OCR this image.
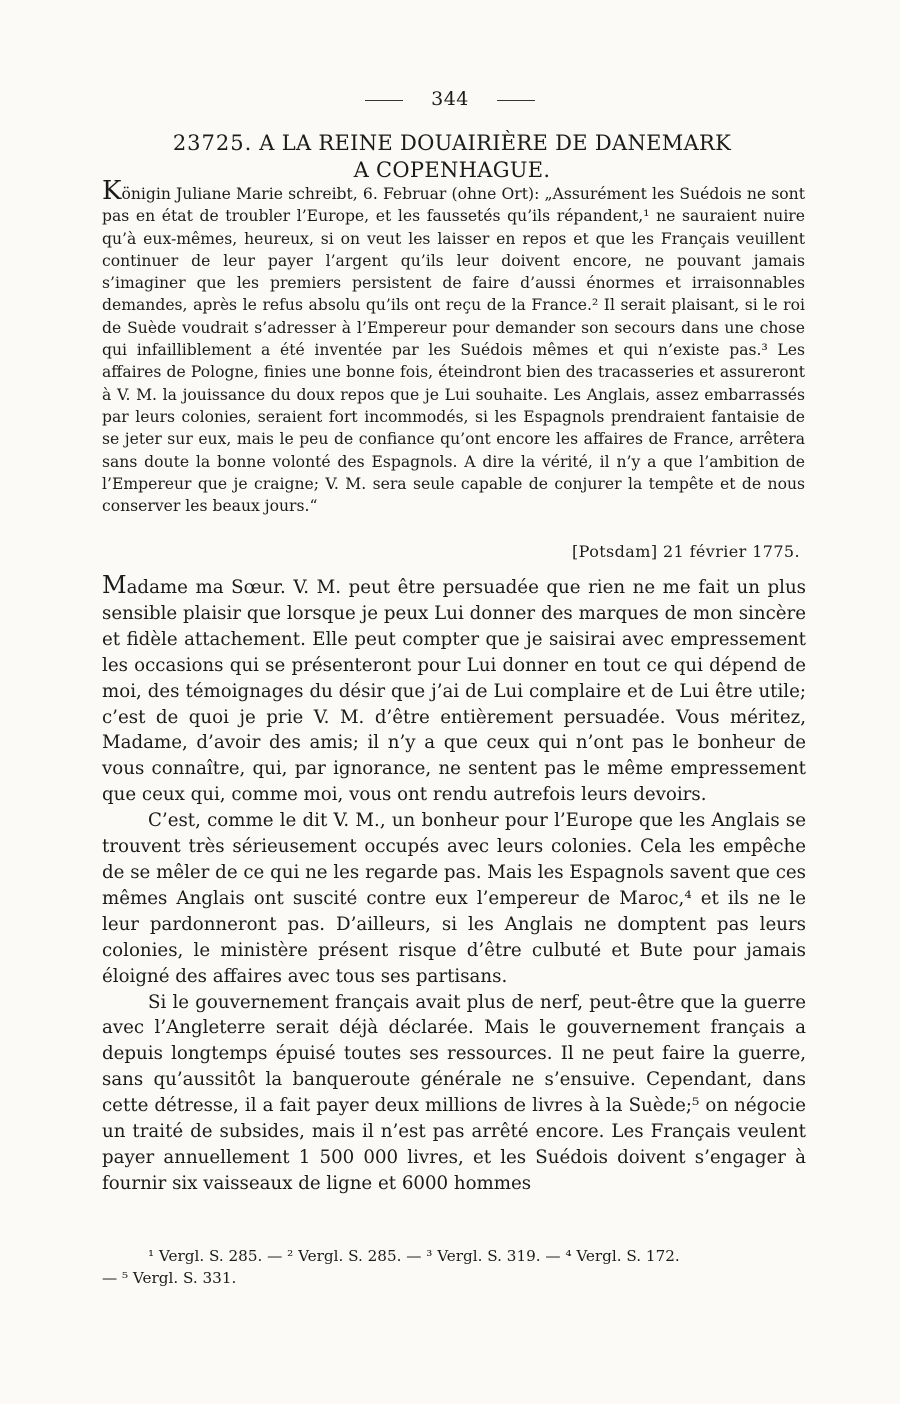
344
23725. A LA REINE DOUAIRIÈRE DE DANEMARK
A COPENHAGUE.
Königin Juliane Marie schreibt, 6. Februar (ohne Ort): „Assurément les Suédois ne sont pas en état de troubler l’Europe, et les faussetés qu’ils répandent,¹ ne sauraient nuire qu’à eux-mêmes, heureux, si on veut les laisser en repos et que les Français veuillent continuer de leur payer l’argent qu’ils leur doivent encore, ne pouvant jamais s’imaginer que les premiers persistent de faire d’aussi énormes et irraisonnables demandes, après le refus absolu qu’ils ont reçu de la France.² Il serait plaisant, si le roi de Suède voudrait s’adresser à l’Empereur pour demander son secours dans une chose qui infailliblement a été inventée par les Suédois mêmes et qui n’existe pas.³ Les affaires de Pologne, finies une bonne fois, éteindront bien des tracasseries et assureront à V. M. la jouissance du doux repos que je Lui souhaite. Les Anglais, assez embarrassés par leurs colonies, seraient fort incommodés, si les Espagnols prendraient fantaisie de se jeter sur eux, mais le peu de confiance qu’ont encore les affaires de France, arrêtera sans doute la bonne volonté des Espagnols. A dire la vérité, il n’y a que l’ambition de l’Empereur que je craigne; V. M. sera seule capable de conjurer la tempête et de nous conserver les beaux jours.“
[Potsdam] 21 février 1775.

Madame ma Sœur. V. M. peut être persuadée que rien ne me fait un plus sensible plaisir que lorsque je peux Lui donner des marques de mon sincère et fidèle attachement. Elle peut compter que je saisirai avec empressement les occasions qui se présenteront pour Lui donner en tout ce qui dépend de moi, des témoignages du désir que j’ai de Lui complaire et de Lui être utile; c’est de quoi je prie V. M. d’être entièrement persuadée. Vous méritez, Madame, d’avoir des amis; il n’y a que ceux qui n’ont pas le bonheur de vous connaître, qui, par ignorance, ne sentent pas le même empressement que ceux qui, comme moi, vous ont rendu autrefois leurs devoirs.

C’est, comme le dit V. M., un bonheur pour l’Europe que les Anglais se trouvent très sérieusement occupés avec leurs colonies. Cela les empêche de se mêler de ce qui ne les regarde pas. Mais les Espagnols savent que ces mêmes Anglais ont suscité contre eux l’empereur de Maroc,⁴ et ils ne le leur pardonneront pas. D’ailleurs, si les Anglais ne domptent pas leurs colonies, le ministère présent risque d’être culbuté et Bute pour jamais éloigné des affaires avec tous ses partisans.

Si le gouvernement français avait plus de nerf, peut-être que la guerre avec l’Angleterre serait déjà déclarée. Mais le gouvernement français a depuis longtemps épuisé toutes ses ressources. Il ne peut faire la guerre, sans qu’aussitôt la banqueroute générale ne s’ensuive. Cependant, dans cette détresse, il a fait payer deux millions de livres à la Suède;⁵ on négocie un traité de subsides, mais il n’est pas arrêté encore. Les Français veulent payer annuellement 1 500 000 livres, et les Suédois doivent s’engager à fournir six vaisseaux de ligne et 6000 hommes

¹ Vergl. S. 285. — ² Vergl. S. 285. — ³ Vergl. S. 319. — ⁴ Vergl. S. 172.
— ⁵ Vergl. S. 331.
